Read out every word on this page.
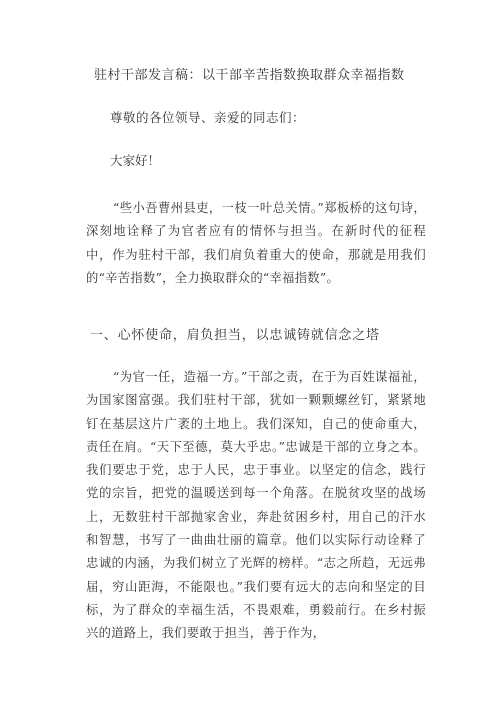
驻村干部发言稿：以干部辛苦指数换取群众幸福指数
尊敬的各位领导、亲爱的同志们：
大家好！

“些小吾曹州县吏，一枝一叶总关情。”郑板桥的这句诗，深刻地诠释了为官者应有的情怀与担当。在新时代的征程中，作为驻村干部，我们肩负着重大的使命，那就是用我们的“辛苦指数”，全力换取群众的“幸福指数”。

一、心怀使命，肩负担当，以忠诚铸就信念之塔

“为官一任，造福一方。”干部之责，在于为百姓谋福祉，为国家图富强。我们驻村干部，犹如一颗颗螺丝钉，紧紧地钉在基层这片广袤的土地上。我们深知，自己的使命重大，责任在肩。“天下至德，莫大乎忠。”忠诚是干部的立身之本。我们要忠于党，忠于人民，忠于事业。以坚定的信念，践行党的宗旨，把党的温暖送到每一个角落。在脱贫攻坚的战场上，无数驻村干部抛家舍业，奔赴贫困乡村，用自己的汗水和智慧，书写了一曲曲壮丽的篇章。他们以实际行动诠释了忠诚的内涵，为我们树立了光辉的榜样。“志之所趋，无远弗届，穷山距海，不能限也。”我们要有远大的志向和坚定的目标，为了群众的幸福生活，不畏艰难，勇毅前行。在乡村振兴的道路上，我们要敢于担当，善于作为，
